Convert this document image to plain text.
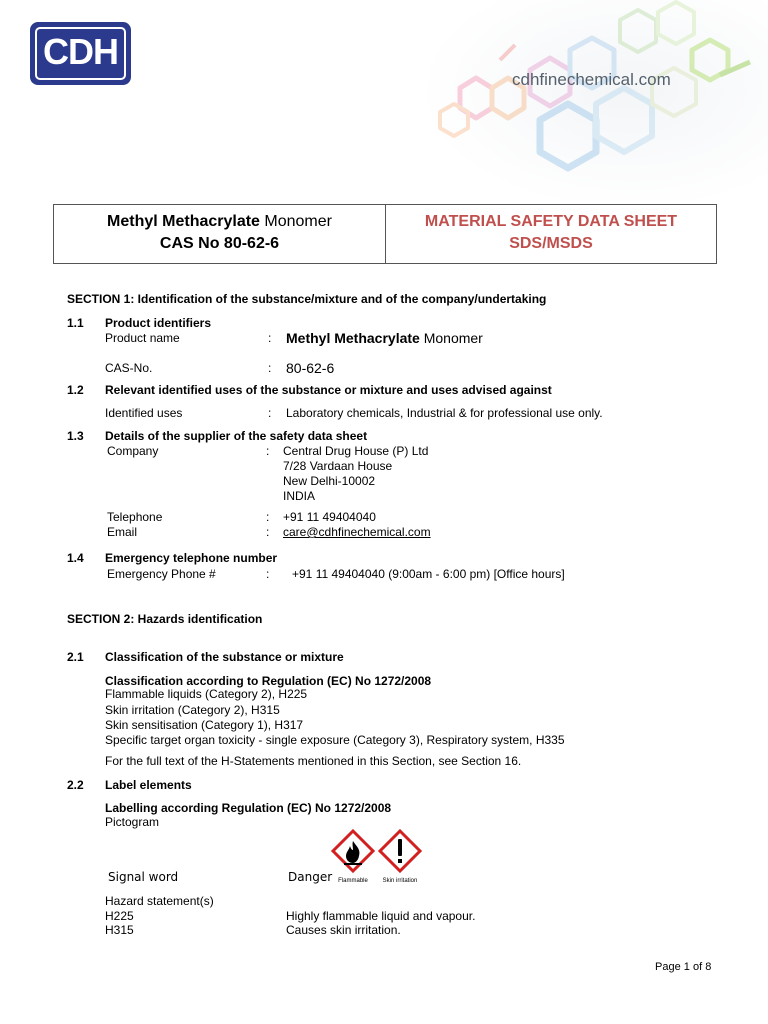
CDH
cdhfinechemical.com
Methyl Methacrylate Monomer
CAS No 80-62-6
MATERIAL SAFETY DATA SHEET
SDS/MSDS
SECTION 1: Identification of the substance/mixture and of the company/undertaking
1.1 Product identifiers
Product name	: Methyl Methacrylate Monomer
CAS-No.	: 80-62-6
1.2 Relevant identified uses of the substance or mixture and uses advised against
Identified uses	: Laboratory chemicals, Industrial & for professional use only.
1.3 Details of the supplier of the safety data sheet
Company	: Central Drug House (P) Ltd
7/28 Vardaan House
New Delhi-10002
INDIA
Telephone	: +91 11 49404040
Email	: care@cdhfinechemical.com
1.4 Emergency telephone number
Emergency Phone #	: +91 11 49404040 (9:00am - 6:00 pm) [Office hours]
SECTION 2: Hazards identification
2.1 Classification of the substance or mixture
Classification according to Regulation (EC) No 1272/2008
Flammable liquids (Category 2), H225
Skin irritation (Category 2), H315
Skin sensitisation (Category 1), H317
Specific target organ toxicity - single exposure (Category 3), Respiratory system, H335
For the full text of the H-Statements mentioned in this Section, see Section 16.
2.2 Label elements
Labelling according Regulation (EC) No 1272/2008
Pictogram
Flammable Skin irritation
Signal word	Danger
Hazard statement(s)
H225	Highly flammable liquid and vapour.
H315	Causes skin irritation.
Page 1 of 8
